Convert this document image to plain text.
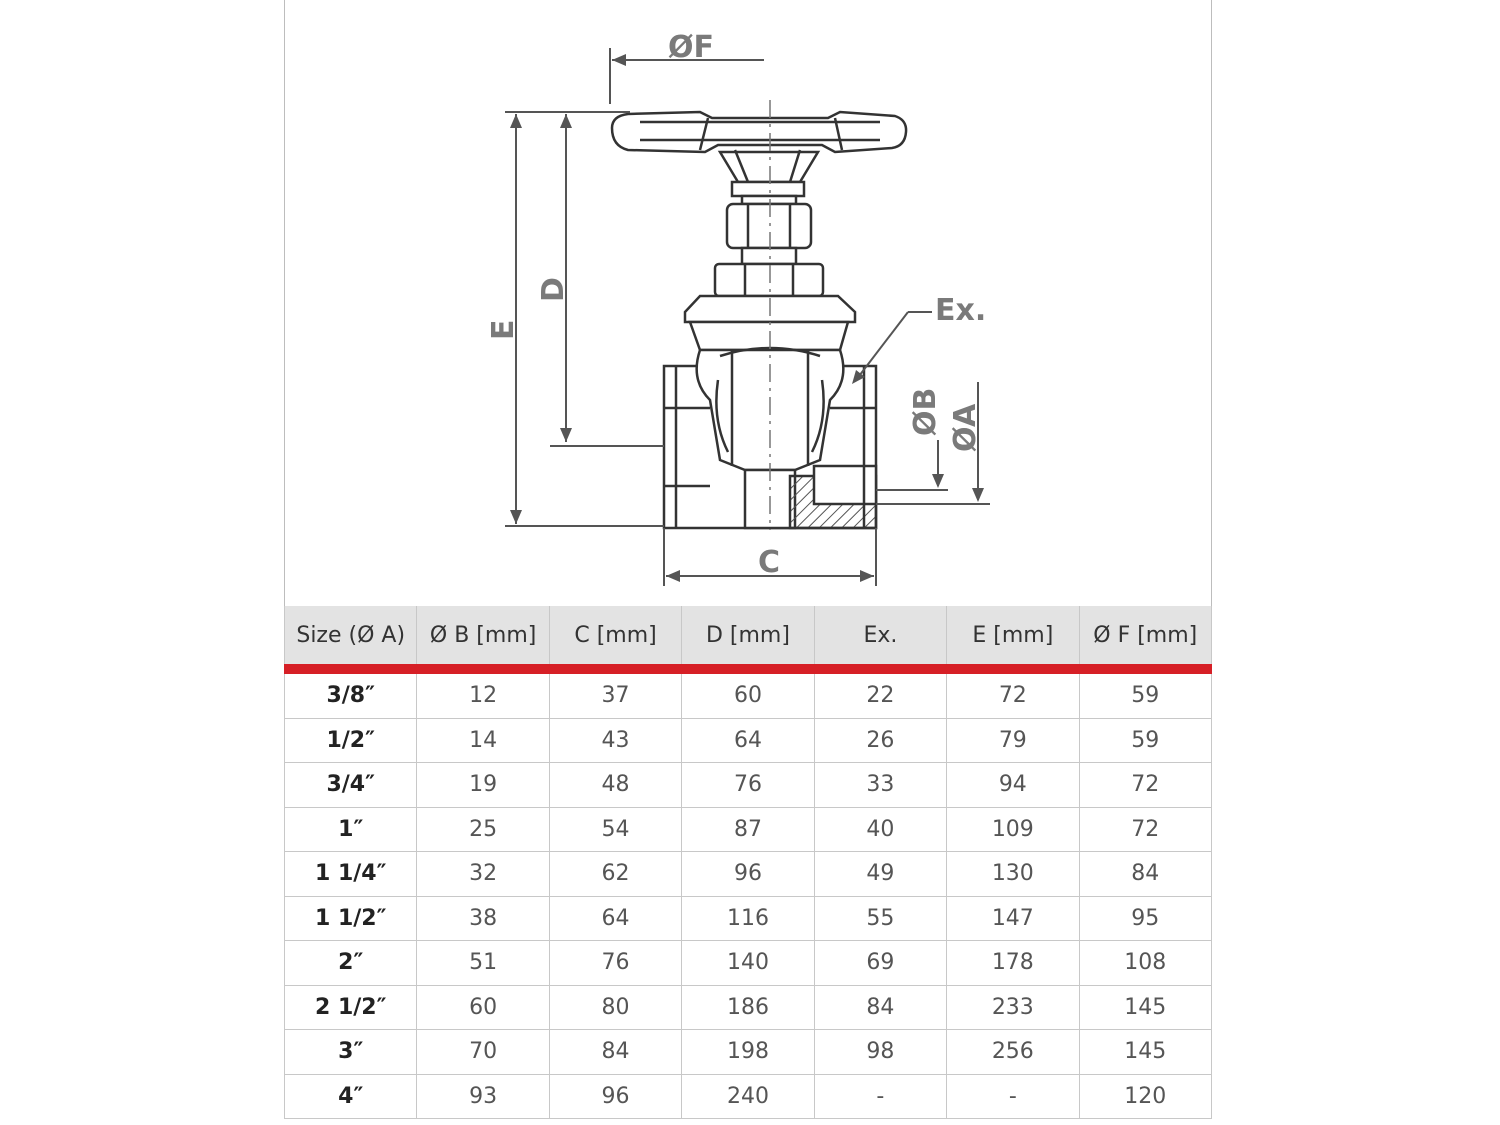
ØF
E
D
Ex.
ØB ØA
C
Size (Ø A)	Ø B [mm]	C [mm]	D [mm]	Ex.	E [mm]	Ø F [mm]
3/8″	12	37	60	22	72	59
1/2″	14	43	64	26	79	59
3/4″	19	48	76	33	94	72
1″	25	54	87	40	109	72
1 1/4″	32	62	96	49	130	84
1 1/2″	38	64	116	55	147	95
2″	51	76	140	69	178	108
2 1/2″	60	80	186	84	233	145
3″	70	84	198	98	256	145
4″	93	96	240	-	-	120
